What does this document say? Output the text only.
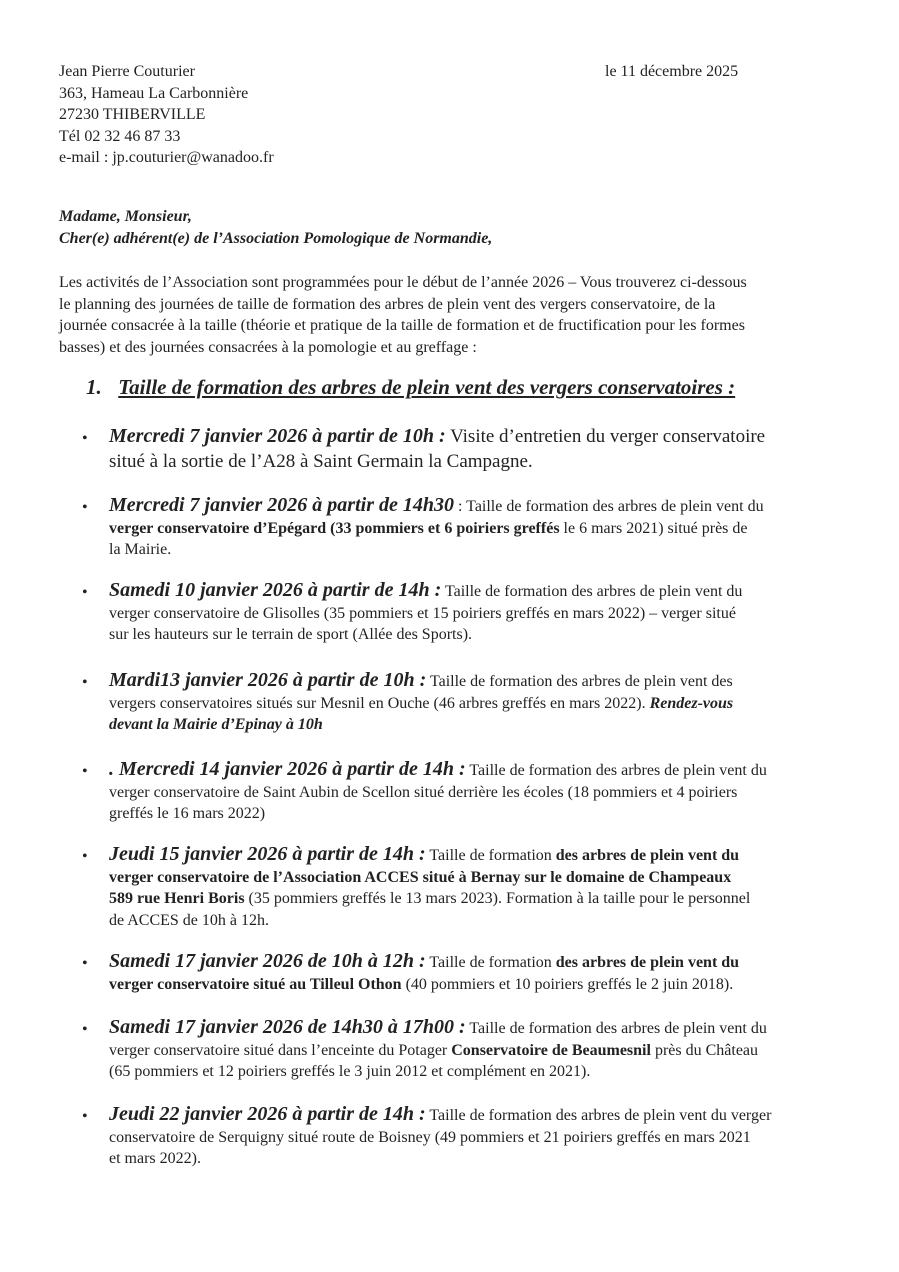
Jean Pierre Couturier
363, Hameau La Carbonnière
27230 THIBERVILLE
Tél 02 32 46 87 33
e-mail : jp.couturier@wanadoo.fr
le 11 décembre 2025
Madame, Monsieur,
Cher(e) adhérent(e) de l’Association Pomologique de Normandie,
Les activités de l’Association sont programmées pour le début de l’année 2026 – Vous trouverez ci-dessous
le planning des journées de taille de formation des arbres de plein vent des vergers conservatoire, de la
journée consacrée à la taille (théorie et pratique de la taille de formation et de fructification pour les formes
basses) et des journées consacrées à la pomologie et au greffage :
1. Taille de formation des arbres de plein vent des vergers conservatoires :
• Mercredi 7 janvier 2026 à partir de 10h : Visite d’entretien du verger conservatoire
situé à la sortie de l’A28 à Saint Germain la Campagne.
• Mercredi 7 janvier 2026 à partir de 14h30 : Taille de formation des arbres de plein vent du
verger conservatoire d’Epégard (33 pommiers et 6 poiriers greffés le 6 mars 2021) situé près de
la Mairie.
• Samedi 10 janvier 2026 à partir de 14h : Taille de formation des arbres de plein vent du
verger conservatoire de Glisolles (35 pommiers et 15 poiriers greffés en mars 2022) – verger situé
sur les hauteurs sur le terrain de sport (Allée des Sports).
• Mardi13 janvier 2026 à partir de 10h : Taille de formation des arbres de plein vent des
vergers conservatoires situés sur Mesnil en Ouche (46 arbres greffés en mars 2022). Rendez-vous
devant la Mairie d’Epinay à 10h
• . Mercredi 14 janvier 2026 à partir de 14h : Taille de formation des arbres de plein vent du
verger conservatoire de Saint Aubin de Scellon situé derrière les écoles (18 pommiers et 4 poiriers
greffés le 16 mars 2022)
• Jeudi 15 janvier 2026 à partir de 14h : Taille de formation des arbres de plein vent du
verger conservatoire de l’Association ACCES situé à Bernay sur le domaine de Champeaux
589 rue Henri Boris (35 pommiers greffés le 13 mars 2023). Formation à la taille pour le personnel
de ACCES de 10h à 12h.
• Samedi 17 janvier 2026 de 10h à 12h : Taille de formation des arbres de plein vent du
verger conservatoire situé au Tilleul Othon (40 pommiers et 10 poiriers greffés le 2 juin 2018).
• Samedi 17 janvier 2026 de 14h30 à 17h00 : Taille de formation des arbres de plein vent du
verger conservatoire situé dans l’enceinte du Potager Conservatoire de Beaumesnil près du Château
(65 pommiers et 12 poiriers greffés le 3 juin 2012 et complément en 2021).
• Jeudi 22 janvier 2026 à partir de 14h : Taille de formation des arbres de plein vent du verger
conservatoire de Serquigny situé route de Boisney (49 pommiers et 21 poiriers greffés en mars 2021
et mars 2022).
